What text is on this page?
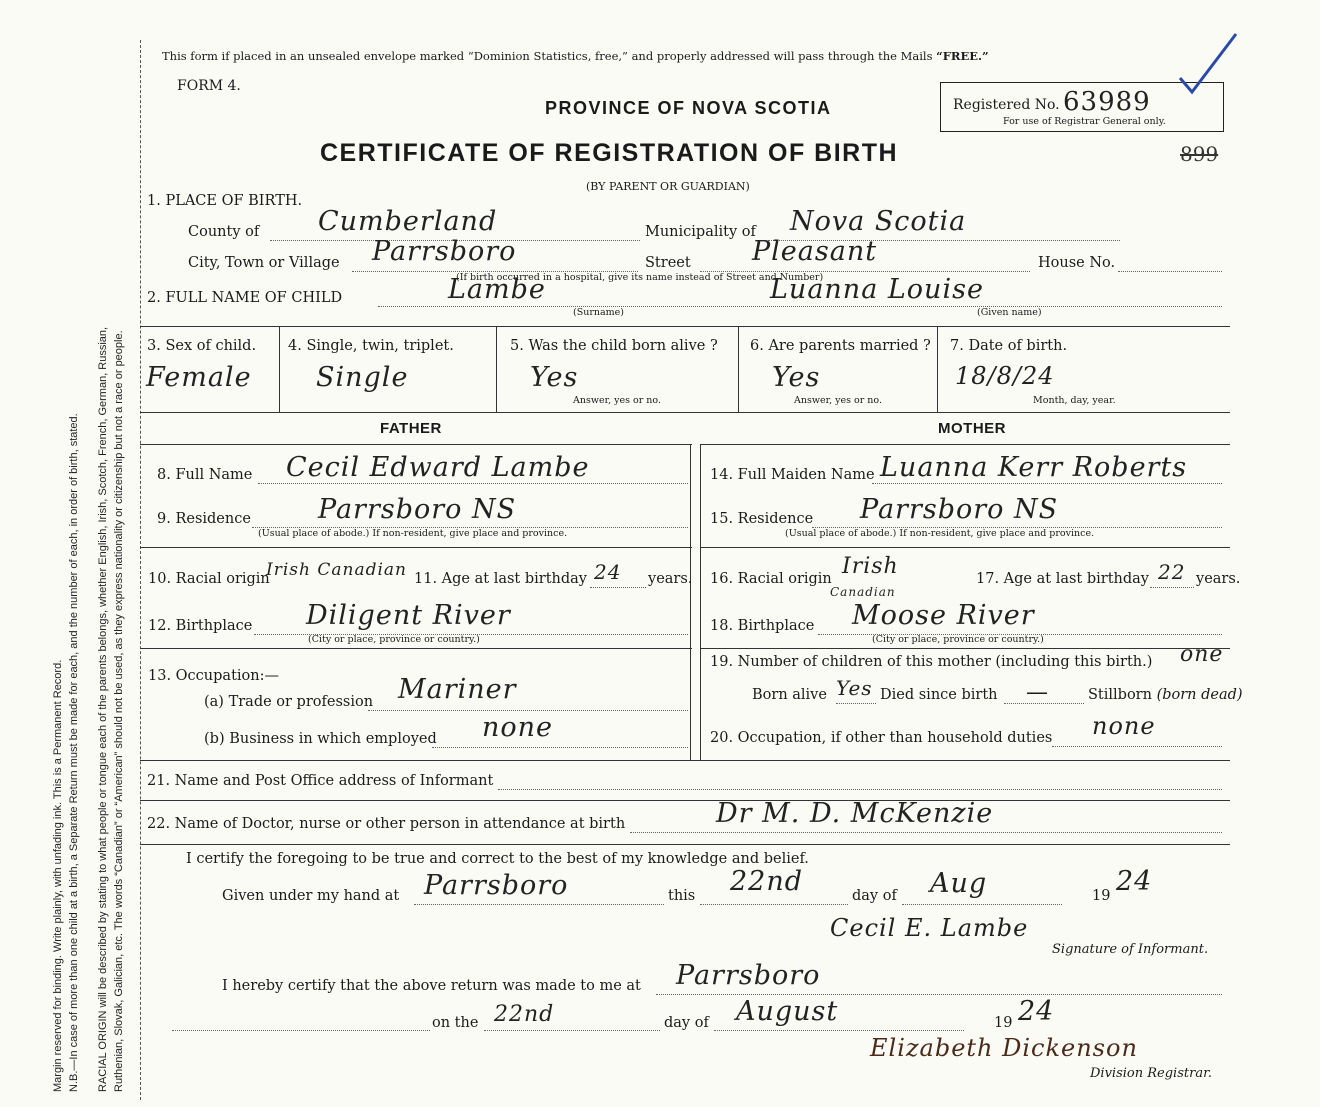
Margin reserved for binding. Write plainly, with unfading ink. This is a Permanent Record. N.B.—In case of more than one child at a birth, a Separate Return must be made for each, and the number of each, in order of birth, stated. RACIAL ORIGIN will be described by stating to what people or tongue each of the parents belongs, whether English, Irish, Scotch, French, German, Russian, Ruthenian, Slovak, Galician, etc. The words “Canadian” or “American” should not be used, as they express nationality or citizenship but not a race or people.
This form if placed in an unsealed envelope marked “Dominion Statistics, free,” and properly addressed will pass through the Mails “FREE.”
FORM 4.
PROVINCE OF NOVA SCOTIA
CERTIFICATE OF REGISTRATION OF BIRTH
(BY PARENT OR GUARDIAN)
899
Registered No. 63989
For use of Registrar General only.
1. PLACE OF BIRTH.
County of Cumberland	Municipality of Nova Scotia
City, Town or Village Parrsboro	Street Pleasant	House No.
(If birth occurred in a hospital, give its name instead of Street and Number)
2. FULL NAME OF CHILD	Lambe	Luanna Louise
(Surname)	(Given name)
3. Sex of child.
Female
4. Single, twin, triplet.
Single
5. Was the child born alive ?
Yes
Answer, yes or no.
6. Are parents married ?
Yes
Answer, yes or no.
7. Date of birth.
18/8/24
Month, day, year.
FATHER	MOTHER
8. Full Name Cecil Edward Lambe
9. Residence Parrsboro NS
(Usual place of abode.) If non-resident, give place and province.
10. Racial origin
Irish Canadian 11. Age at last birthday 24 years.
12. Birthplace Diligent River
(City or place, province or country.)
13. Occupation:—
(a) Trade or profession Mariner
(b) Business in which employed none
14. Full Maiden Name Luanna Kerr Roberts
15. Residence Parrsboro NS
(Usual place of abode.) If non-resident, give place and province.
16. Racial origin Irish
Canadian
17. Age at last birthday 22 years.
18. Birthplace Moose River
(City or place, province or country.)
19. Number of children of this mother (including this birth.) one
Born alive Yes Died since birth —	Stillborn (born dead)
20. Occupation, if other than household duties none
21. Name and Post Office address of Informant
22. Name of Doctor, nurse or other person in attendance at birth	Dr M. D. McKenzie
I certify the foregoing to be true and correct to the best of my knowledge and belief.
Given under my hand at Parrsboro	this 22nd	day of Aug	19 24
Cecil E. Lambe
Signature of Informant.
I hereby certify that the above return was made to me at Parrsboro
on the 22nd	day of August	19 24
Elizabeth Dickenson
Division Registrar.
